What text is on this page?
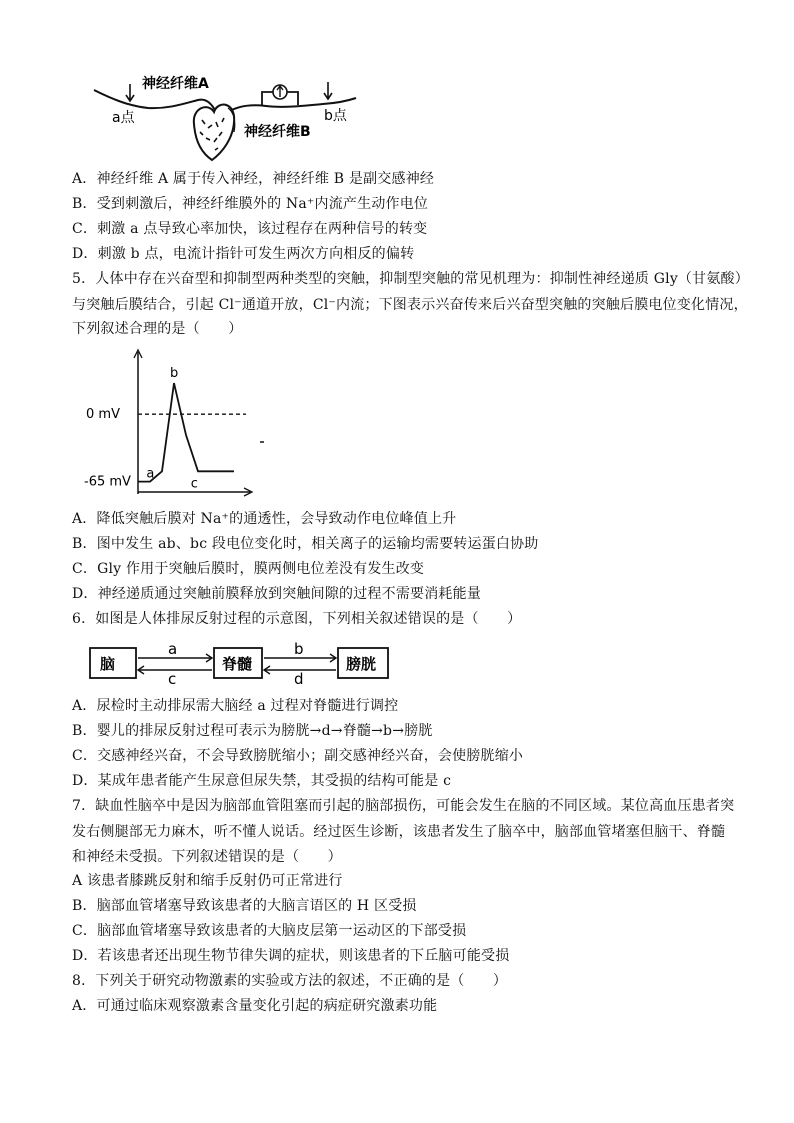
神经纤维A
神经纤维B
a点	b点
A．神经纤维 A 属于传入神经，神经纤维 B 是副交感神经
B．受到刺激后，神经纤维膜外的 Na⁺内流产生动作电位
C．刺激 a 点导致心率加快，该过程存在两种信号的转变
D．刺激 b 点，电流计指针可发生两次方向相反的偏转
5．人体中存在兴奋型和抑制型两种类型的突触，抑制型突触的常见机理为：抑制性神经递质 Gly（甘氨酸）
与突触后膜结合，引起 Cl⁻通道开放，Cl⁻内流；下图表示兴奋传来后兴奋型突触的突触后膜电位变化情况，
下列叙述合理的是（　　）
0 mV
-65 mV
a
b
c
A．降低突触后膜对 Na⁺的通透性，会导致动作电位峰值上升
B．图中发生 ab、bc 段电位变化时，相关离子的运输均需要转运蛋白协助
C．Gly 作用于突触后膜时，膜两侧电位差没有发生改变
D．神经递质通过突触前膜释放到突触间隙的过程不需要消耗能量
6．如图是人体排尿反射过程的示意图，下列相关叙述错误的是（　　）
脑	脊髓	膀胱
a
c
b
d
A．尿检时主动排尿需大脑经 a 过程对脊髓进行调控
B．婴儿的排尿反射过程可表示为膀胱→d→脊髓→b→膀胱
C．交感神经兴奋，不会导致膀胱缩小；副交感神经兴奋，会使膀胱缩小
D．某成年患者能产生尿意但尿失禁，其受损的结构可能是 c
7．缺血性脑卒中是因为脑部血管阻塞而引起的脑部损伤，可能会发生在脑的不同区域。某位高血压患者突
发右侧腿部无力麻木，听不懂人说话。经过医生诊断，该患者发生了脑卒中，脑部血管堵塞但脑干、脊髓
和神经未受损。下列叙述错误的是（　　）
A 该患者膝跳反射和缩手反射仍可正常进行
B．脑部血管堵塞导致该患者的大脑言语区的 H 区受损
C．脑部血管堵塞导致该患者的大脑皮层第一运动区的下部受损
D．若该患者还出现生物节律失调的症状，则该患者的下丘脑可能受损
8．下列关于研究动物激素的实验或方法的叙述，不正确的是（　　）
A．可通过临床观察激素含量变化引起的病症研究激素功能
